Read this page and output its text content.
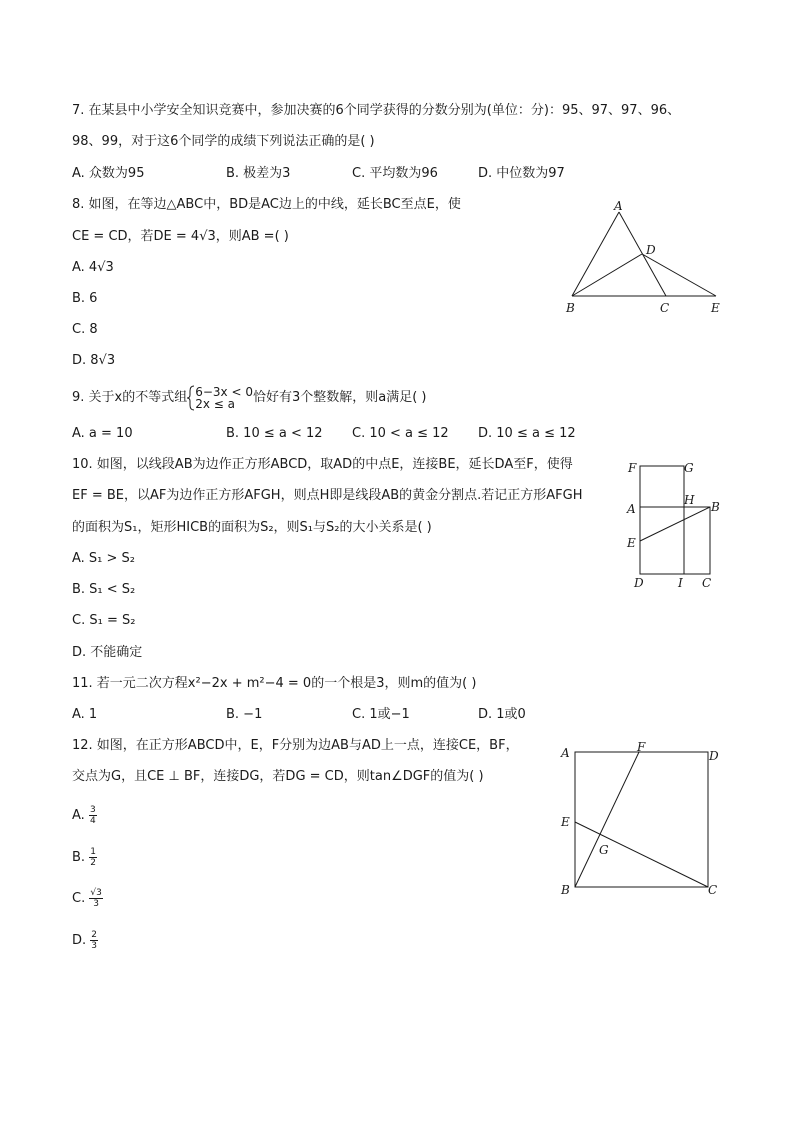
7. 在某县中小学安全知识竞赛中，参加决赛的6个同学获得的分数分别为(单位：分)：95、97、97、96、
98、99，对于这6个同学的成绩下列说法正确的是( )
A. 众数为95	B. 极差为3	C. 平均数为96	D. 中位数为97
8. 如图，在等边△ABC中，BD是AC边上的中线，延长BC至点E，使
CE = CD，若DE = 4√3，则AB =( )
A. 4√3
B. 6
C. 8
D. 8√3
A
D
B	C	E
9. 关于x的不等式组 6−3x < 0
2x ≤ a	恰好有3个整数解，则a满足( )
A. a = 10	B. 10 ≤ a < 12 C. 10 < a ≤ 12 D. 10 ≤ a ≤ 12
10. 如图，以线段AB为边作正方形ABCD，取AD的中点E，连接BE，延长DA至F，使得
EF = BE，以AF为边作正方形AFGH，则点H即是线段AB的黄金分割点.若记正方形AFGH
的面积为S₁，矩形HICB的面积为S₂，则S₁与S₂的大小关系是( )
A. S₁ > S₂
B. S₁ < S₂
C. S₁ = S₂
D. 不能确定
F	G
A
H B
E
D	I C
11. 若一元二次方程x²−2x + m²−4 = 0的一个根是3，则m的值为( )
A. 1	B. −1	C. 1或−1	D. 1或0
12. 如图，在正方形ABCD中，E，F分别为边AB与AD上一点，连接CE，BF，
交点为G，且CE ⊥ BF，连接DG，若DG = CD，则tan∠DGF的值为( )
A. $\frac{3}{4}$
B. $\frac{1}{2}$
C. $\frac{√3}{3}$
D. $\frac{2}{3}$
A	F
D
E
G
B	C
